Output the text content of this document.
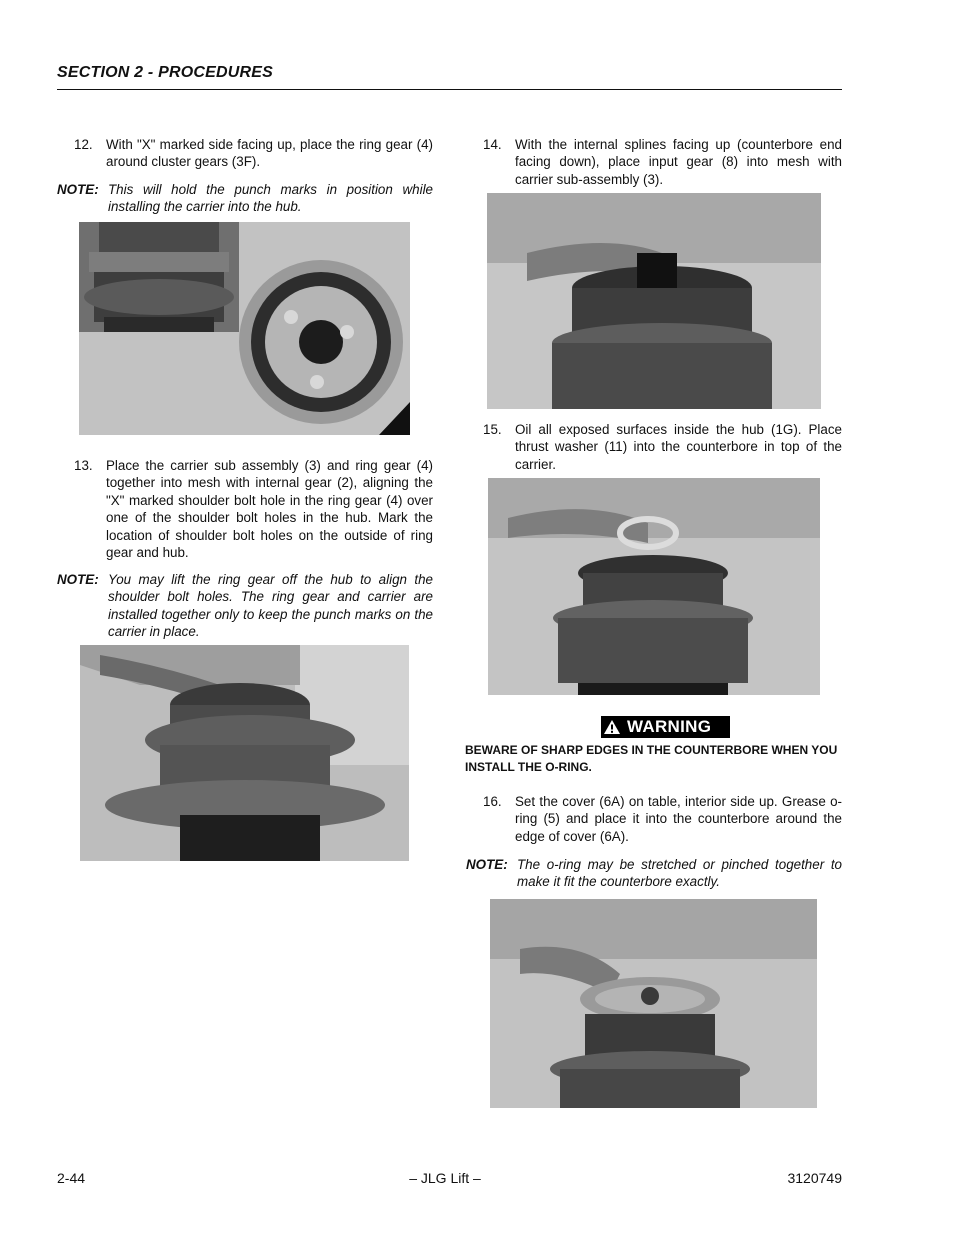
SECTION 2 - PROCEDURES
12. With "X" marked side facing up, place the ring gear (4) around cluster gears (3F).
NOTE: This will hold the punch marks in position while installing the carrier into the hub.
13. Place the carrier sub assembly (3) and ring gear (4) together into mesh with internal gear (2), aligning the "X" marked shoulder bolt hole in the ring gear (4) over one of the shoulder bolt holes in the hub. Mark the location of shoulder bolt holes on the outside of ring gear and hub.
NOTE: You may lift the ring gear off the hub to align the shoulder bolt holes. The ring gear and carrier are installed together only to keep the punch marks on the carrier in place.
14. With the internal splines facing up (counterbore end facing down), place input gear (8) into mesh with carrier sub-assembly (3).
15. Oil all exposed surfaces inside the hub (1G). Place thrust washer (11) into the counterbore in top of the carrier.
WARNING
BEWARE OF SHARP EDGES IN THE COUNTERBORE WHEN YOU INSTALL THE O-RING.
16. Set the cover (6A) on table, interior side up. Grease o-ring (5) and place it into the counterbore around the edge of cover (6A).
NOTE: The o-ring may be stretched or pinched together to make it fit the counterbore exactly.
2-44	– JLG Lift –	3120749
